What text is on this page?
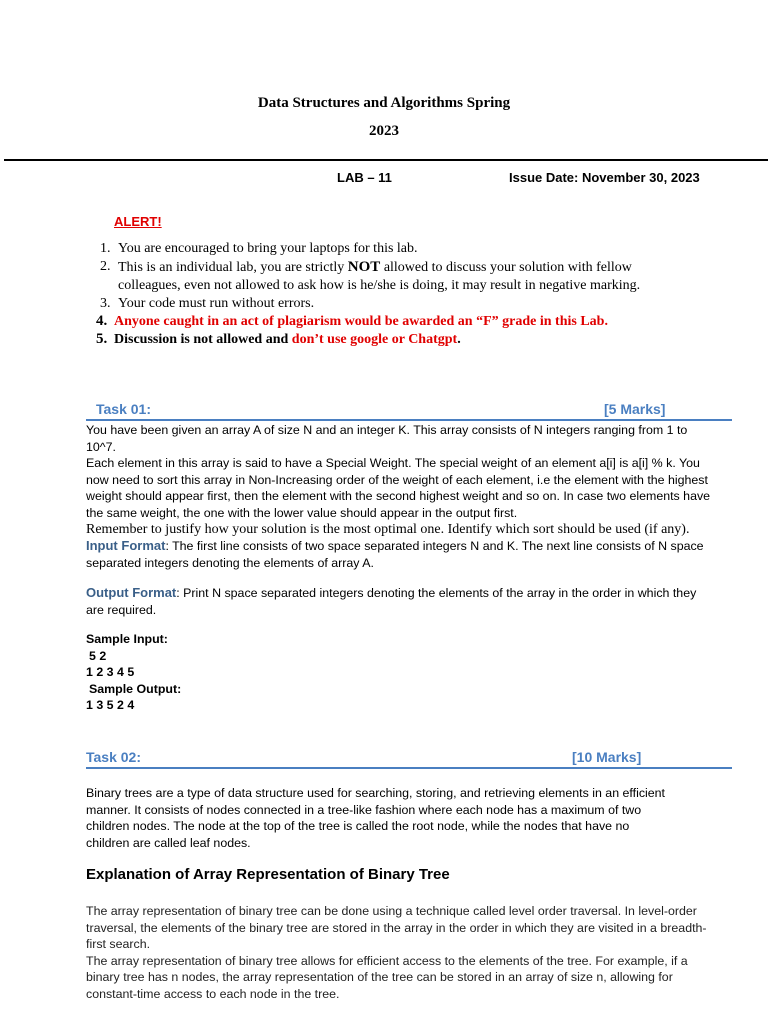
Data Structures and Algorithms Spring
2023
LAB – 11	Issue Date: November 30, 2023
ALERT!
1. You are encouraged to bring your laptops for this lab.
2. This is an individual lab, you are strictly NOT allowed to discuss your solution with fellow colleagues, even not allowed to ask how is he/she is doing, it may result in negative marking.
3. Your code must run without errors.
4. Anyone caught in an act of plagiarism would be awarded an “F” grade in this Lab.
5. Discussion is not allowed and don’t use google or Chatgpt.
Task 01:	[5 Marks]
You have been given an array A of size N and an integer K. This array consists of N integers ranging from 1 to 10^7.
Each element in this array is said to have a Special Weight. The special weight of an element a[i] is a[i] % k. You now need to sort this array in Non-Increasing order of the weight of each element, i.e the element with the highest weight should appear first, then the element with the second highest weight and so on. In case two elements have the same weight, the one with the lower value should appear in the output first.
Remember to justify how your solution is the most optimal one. Identify which sort should be used (if any).
Input Format: The first line consists of two space separated integers N and K. The next line consists of N space separated integers denoting the elements of array A.
Output Format: Print N space separated integers denoting the elements of the array in the order in which they are required.
Sample Input:
5 2
1 2 3 4 5
Sample Output:
1 3 5 2 4
Task 02:	[10 Marks]
Binary trees are a type of data structure used for searching, storing, and retrieving elements in an efficient manner. It consists of nodes connected in a tree-like fashion where each node has a maximum of two children nodes. The node at the top of the tree is called the root node, while the nodes that have no children are called leaf nodes.
Explanation of Array Representation of Binary Tree
The array representation of binary tree can be done using a technique called level order traversal. In level-order traversal, the elements of the binary tree are stored in the array in the order in which they are visited in a breadth-first search.
The array representation of binary tree allows for efficient access to the elements of the tree. For example, if a binary tree has n nodes, the array representation of the tree can be stored in an array of size n, allowing for constant-time access to each node in the tree.
